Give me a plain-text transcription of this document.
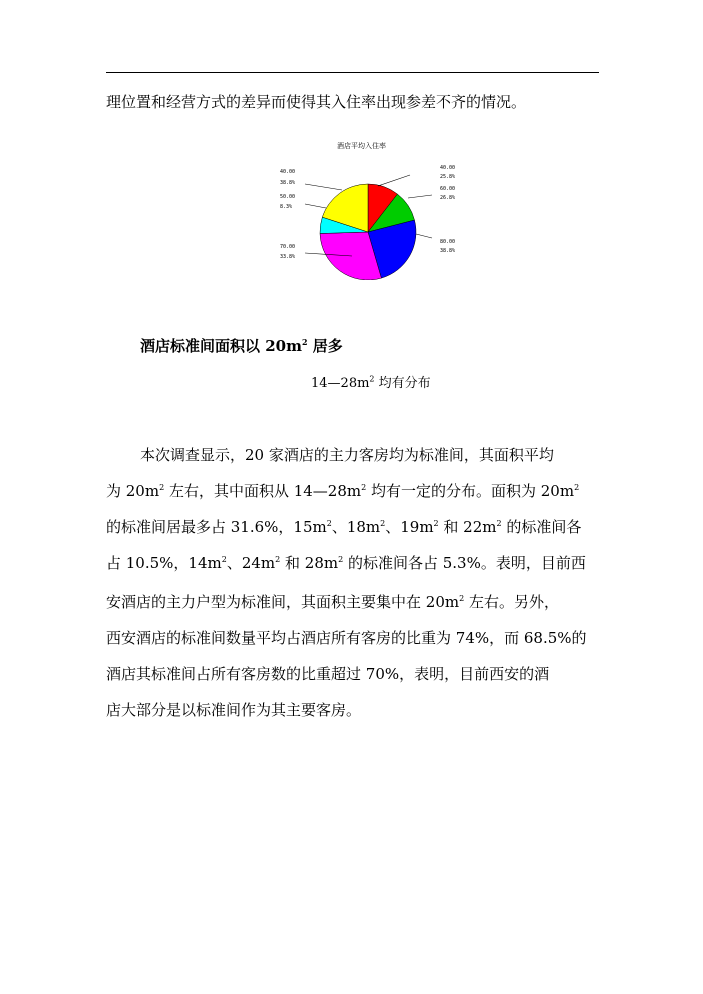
理位置和经营方式的差异而使得其入住率出现参差不齐的情况。
酒店平均入住率
40.00
25.8%
60.00
26.8%
80.00
38.8%
70.00
33.8%
50.00
8.3%
40.00
38.8%
酒店标准间面积以 $20m^2$ 居多
$14—28m^2$ 均有分布
本次调查显示，20 家酒店的主力客房均为标准间，其面积平均
为 $20m^2$ 左右，其中面积从 $14—28m^2$ 均有一定的分布。面积为 $20m^2$
的标准间居最多占 31.6%，$15m^2$、$18m^2$、$19m^2$ 和 $22m^2$ 的标准间各
占 10.5%，$14m^2$、$24m^2$ 和 $28m^2$ 的标准间各占 5.3%。表明，目前西
安酒店的主力户型为标准间，其面积主要集中在 $20m^2$ 左右。另外，
西安酒店的标准间数量平均占酒店所有客房的比重为 74%，而 68.5%的
酒店其标准间占所有客房数的比重超过 70%，表明，目前西安的酒
店大部分是以标准间作为其主要客房。
